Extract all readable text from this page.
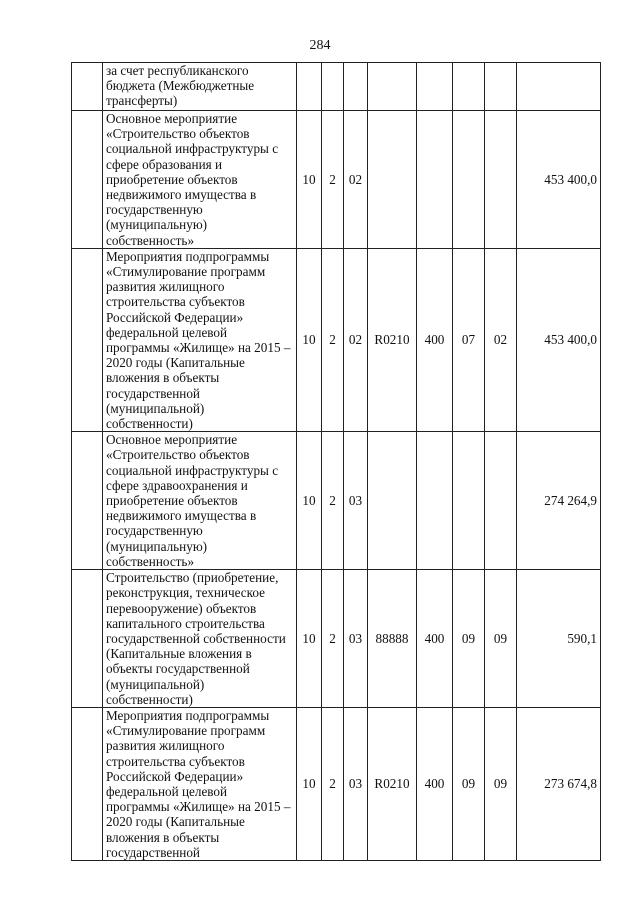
284
	за счет республиканского бюджета (Межбюджетные трансферты)								
	Основное мероприятие «Строительство объектов социальной инфраструктуры с сфере образования и приобретение объектов недвижимого имущества в государственную (муниципальную) собственность»	10	2	02					453 400,0
	Мероприятия подпрограммы «Стимулирование программ развития жилищного строительства субъектов Российской Федерации» федеральной целевой программы «Жилище» на 2015 – 2020 годы (Капитальные вложения в объекты государственной (муниципальной) собственности)	10	2	02	R0210	400	07	02	453 400,0
	Основное мероприятие «Строительство объектов социальной инфраструктуры с сфере здравоохранения и приобретение объектов недвижимого имущества в государственную (муниципальную) собственность»	10	2	03					274 264,9
	Строительство (приобретение, реконструкция, техническое перевооружение) объектов капитального строительства государственной собственности (Капитальные вложения в объекты государственной (муниципальной) собственности)	10	2	03	88888	400	09	09	590,1
	Мероприятия подпрограммы «Стимулирование программ развития жилищного строительства субъектов Российской Федерации» федеральной целевой программы «Жилище» на 2015 – 2020 годы (Капитальные вложения в объекты государственной	10	2	03	R0210	400	09	09	273 674,8
